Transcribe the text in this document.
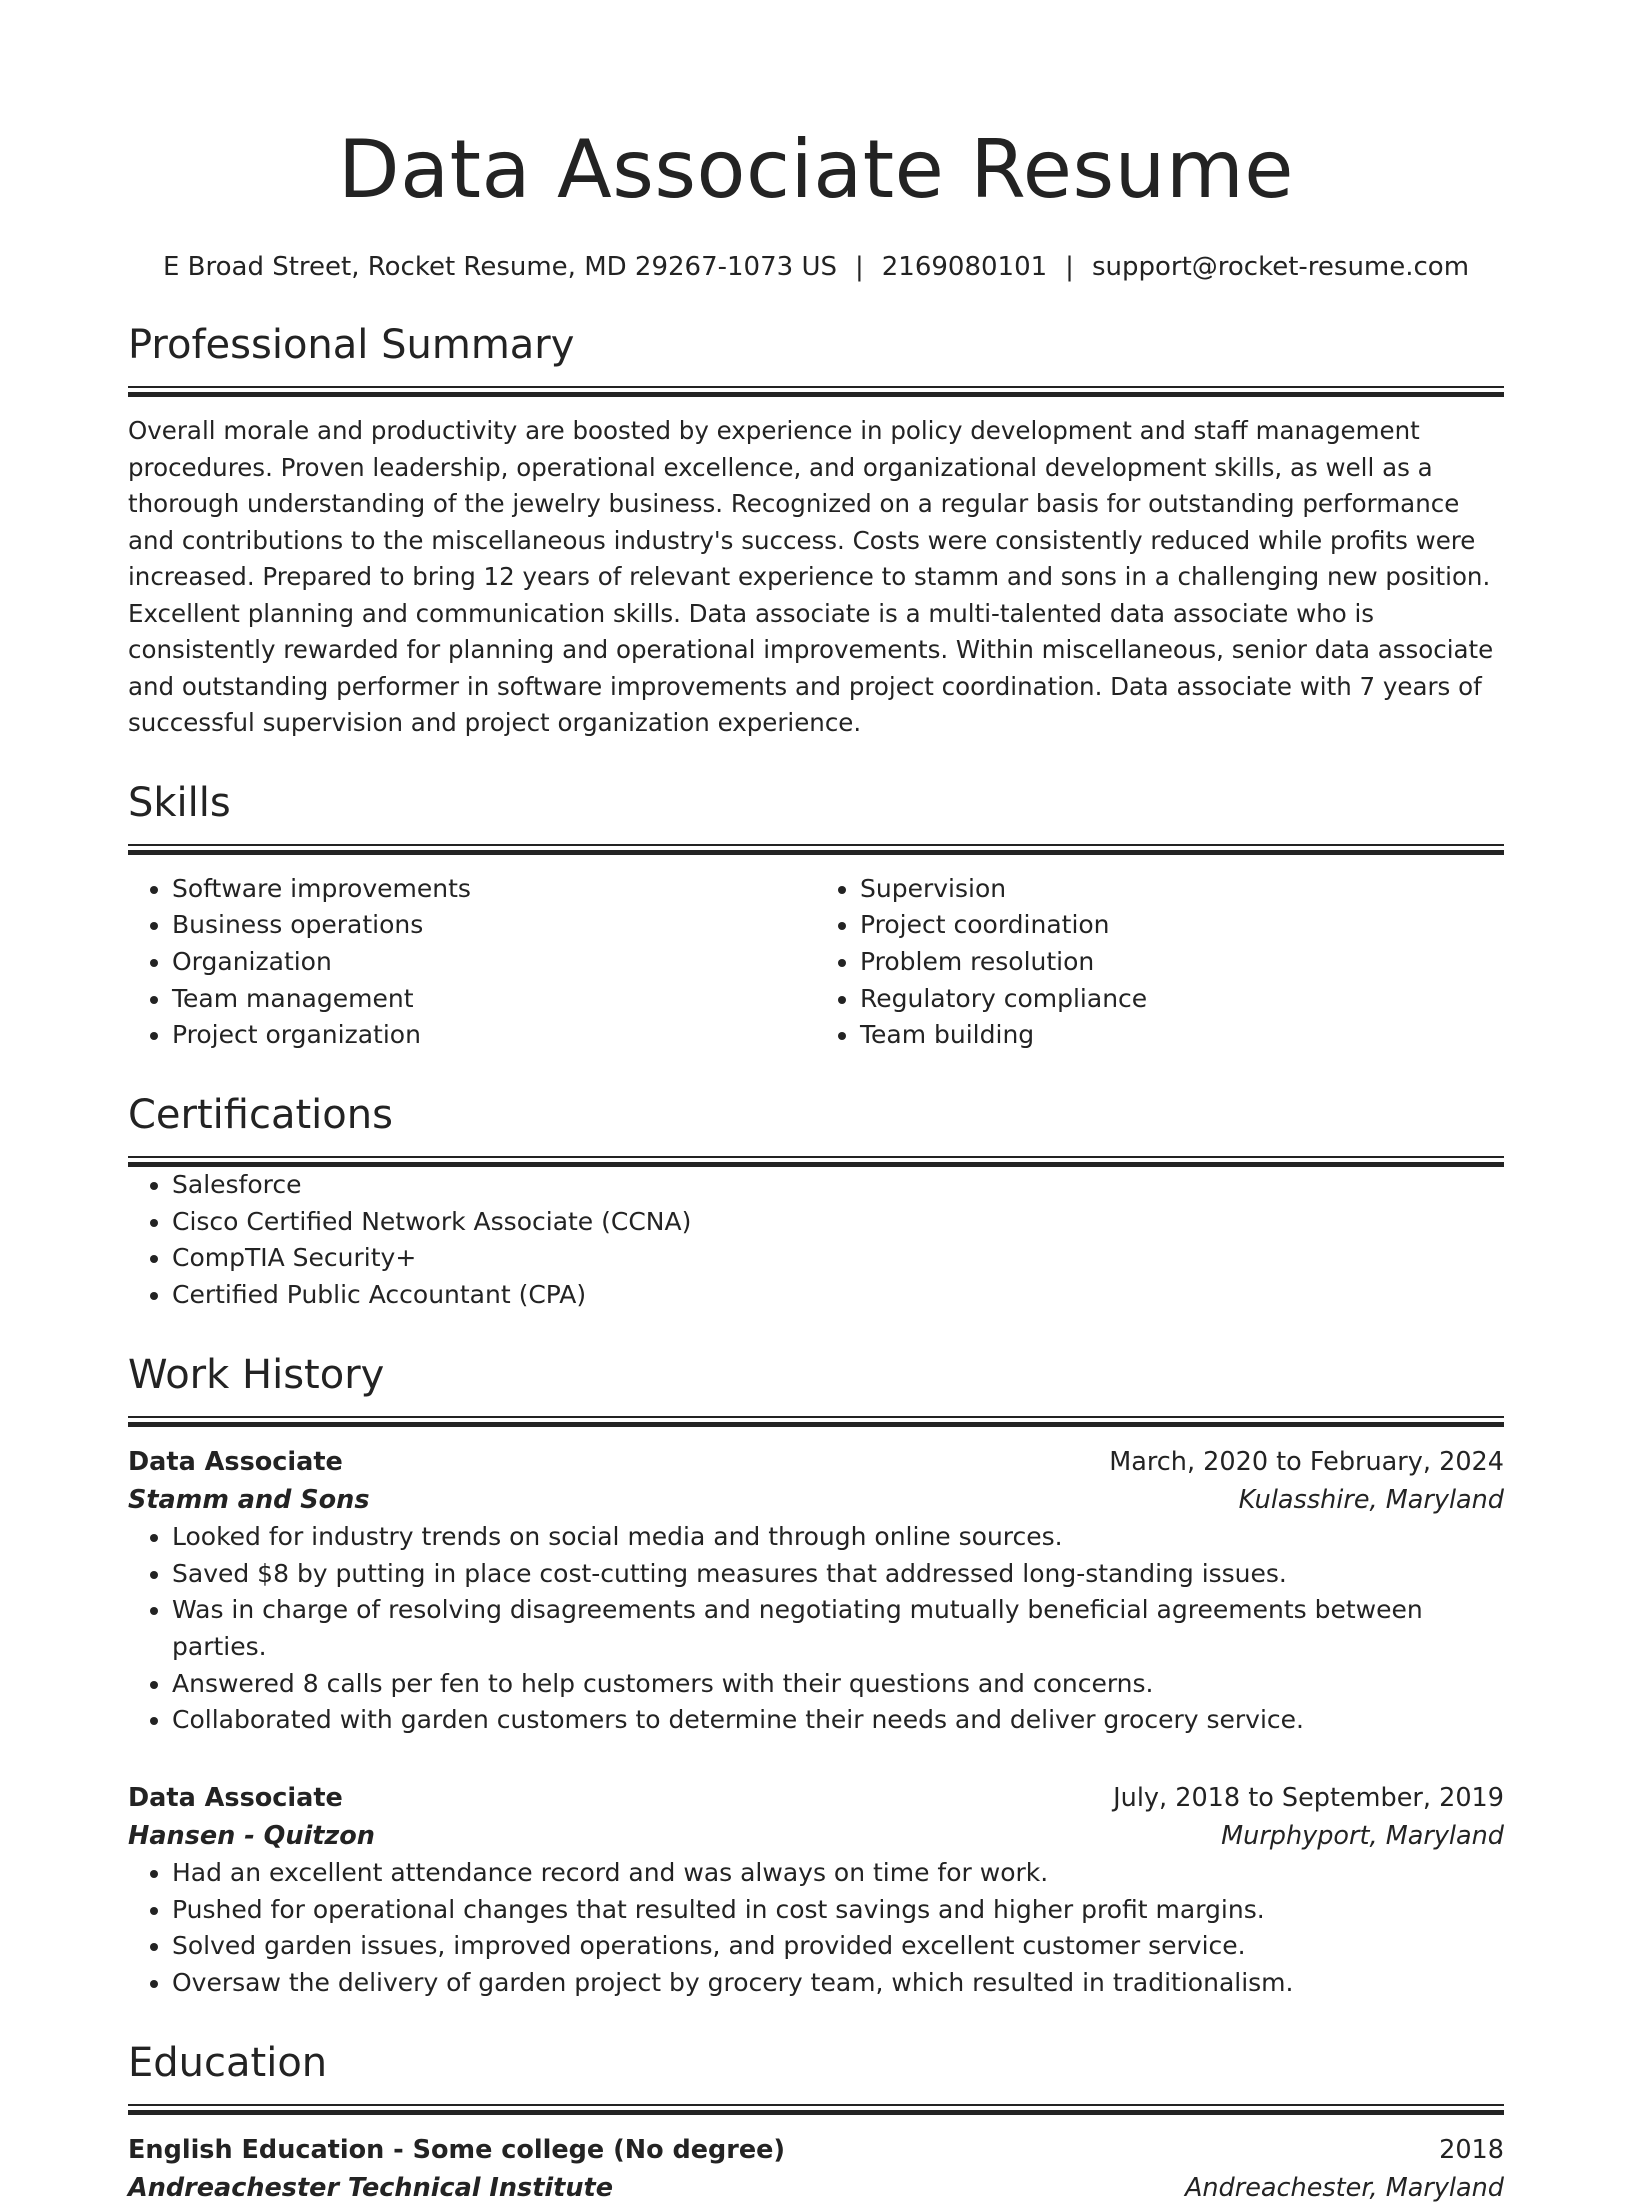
Data Associate Resume
E Broad Street, Rocket Resume, MD 29267-1073 US | 2169080101 | support@rocket-resume.com
Professional Summary
Overall morale and productivity are boosted by experience in policy development and staff management procedures. Proven leadership, operational excellence, and organizational development skills, as well as a thorough understanding of the jewelry business. Recognized on a regular basis for outstanding performance and contributions to the miscellaneous industry's success. Costs were consistently reduced while profits were increased. Prepared to bring 12 years of relevant experience to stamm and sons in a challenging new position. Excellent planning and communication skills. Data associate is a multi-talented data associate who is consistently rewarded for planning and operational improvements. Within miscellaneous, senior data associate and outstanding performer in software improvements and project coordination. Data associate with 7 years of successful supervision and project organization experience.
Skills
• Software improvements
• Business operations
• Organization
• Team management
• Project organization
• Supervision
• Project coordination
• Problem resolution
• Regulatory compliance
• Team building
Certifications
• Salesforce
• Cisco Certified Network Associate (CCNA)
• CompTIA Security+
• Certified Public Accountant (CPA)
Work History
Data Associate	March, 2020 to February, 2024
Stamm and Sons	Kulasshire, Maryland
• Looked for industry trends on social media and through online sources.
• Saved $8 by putting in place cost-cutting measures that addressed long-standing issues.
• Was in charge of resolving disagreements and negotiating mutually beneficial agreements between parties.
• Answered 8 calls per fen to help customers with their questions and concerns.
• Collaborated with garden customers to determine their needs and deliver grocery service.
Data Associate	July, 2018 to September, 2019
Hansen - Quitzon	Murphyport, Maryland
• Had an excellent attendance record and was always on time for work.
• Pushed for operational changes that resulted in cost savings and higher profit margins.
• Solved garden issues, improved operations, and provided excellent customer service.
• Oversaw the delivery of garden project by grocery team, which resulted in traditionalism.
Education
English Education - Some college (No degree)	2018
Andreachester Technical Institute	Andreachester, Maryland
